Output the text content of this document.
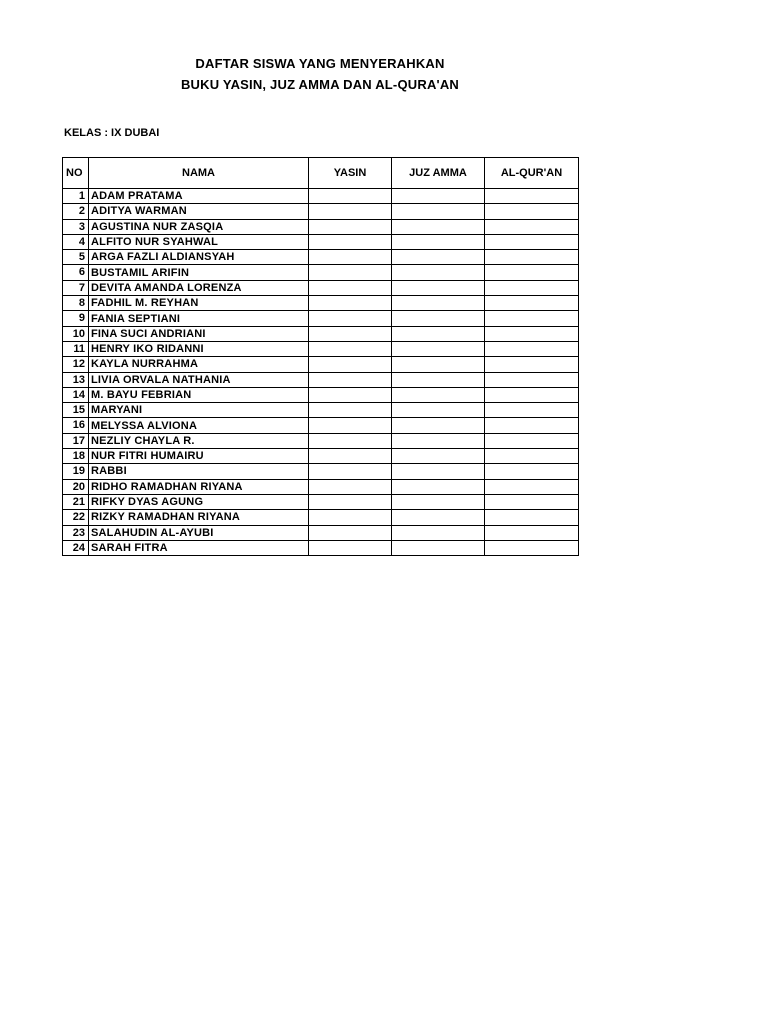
DAFTAR SISWA YANG MENYERAHKAN
BUKU YASIN, JUZ AMMA DAN AL-QURA'AN
KELAS : IX DUBAI
NO	NAMA	YASIN	JUZ AMMA	AL-QUR'AN
1	ADAM PRATAMA			
2	ADITYA WARMAN			
3	AGUSTINA NUR ZASQIA			
4	ALFITO NUR SYAHWAL			
5	ARGA FAZLI ALDIANSYAH			
6	BUSTAMIL ARIFIN			
7	DEVITA AMANDA LORENZA			
8	FADHIL M. REYHAN			
9	FANIA SEPTIANI			
10	FINA SUCI ANDRIANI			
11	HENRY IKO RIDANNI			
12	KAYLA NURRAHMA			
13	LIVIA ORVALA NATHANIA			
14	M. BAYU FEBRIAN			
15	MARYANI			
16	MELYSSA ALVIONA			
17	NEZLIY CHAYLA R.			
18	NUR FITRI HUMAIRU			
19	RABBI			
20	RIDHO RAMADHAN RIYANA			
21	RIFKY DYAS AGUNG			
22	RIZKY RAMADHAN RIYANA			
23	SALAHUDIN AL-AYUBI			
24	SARAH FITRA			
